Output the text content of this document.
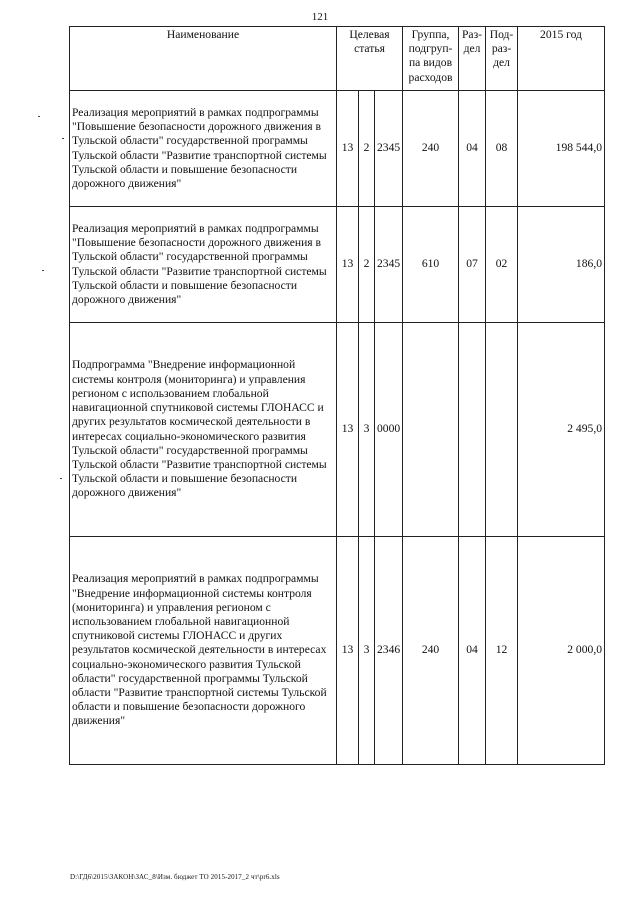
121
Наименование	Целевая статья			Группа, подгруп-па видов расходов	Раз-дел	Под-раз-дел	2015 год
Реализация мероприятий в рамках подпрограммы "Повышение безопасности дорожного движения в Тульской области" государственной программы Тульской области "Развитие транспортной системы Тульской области и повышение безопасности дорожного движения"	13	2	2345	240	04	08	198 544,0
Реализация мероприятий в рамках подпрограммы "Повышение безопасности дорожного движения в Тульской области" государственной программы Тульской области "Развитие транспортной системы Тульской области и повышение безопасности дорожного движения"	13	2	2345	610	07	02	186,0
Подпрограмма "Внедрение информационной системы контроля (мониторинга) и управления регионом с использованием глобальной навигационной спутниковой системы ГЛОНАСС и других результатов космической деятельности в интересах социально-экономического развития Тульской области" государственной программы Тульской области "Развитие транспортной системы Тульской области и повышение безопасности дорожного движения"	13	3	0000				2 495,0
Реализация мероприятий в рамках подпрограммы "Внедрение информационной системы контроля (мониторинга) и управления регионом с использованием глобальной навигационной спутниковой системы ГЛОНАСС и других результатов космической деятельности в интересах социально-экономического развития Тульской области" государственной программы Тульской области "Развитие транспортной системы Тульской области и повышение безопасности дорожного движения"	13	3	2346	240	04	12	2 000,0
D:\ГД6\2015\ЗАКОН\ЗАС_8\Изм. бюджет ТО 2015-2017_2 чт\pr6.xls
